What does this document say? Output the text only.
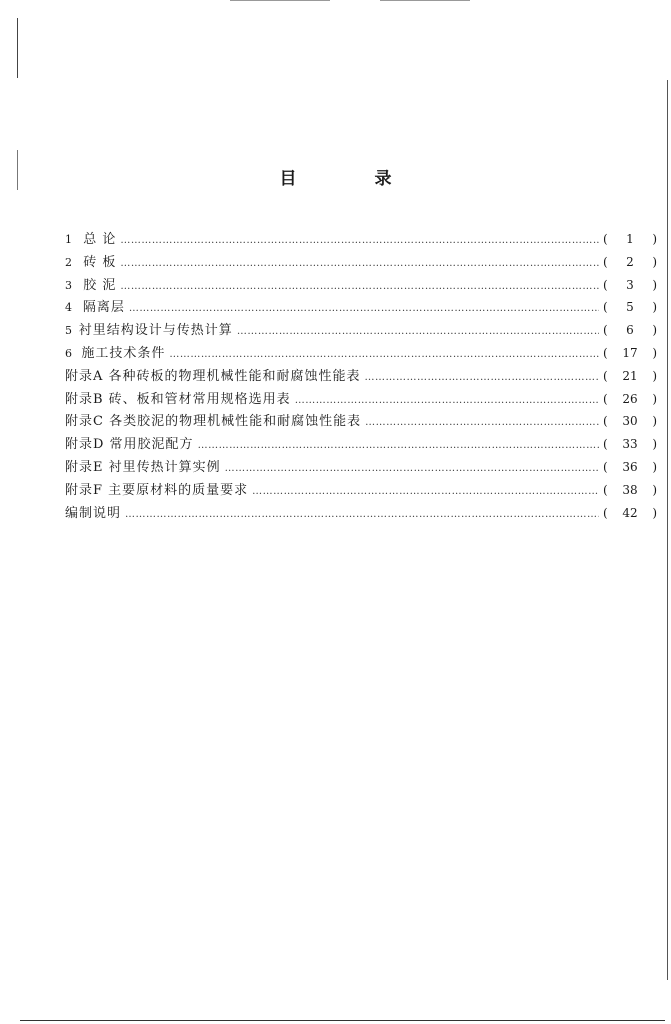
目 录
1 总 论 …………………………………………………………………………………………………………………………………………………	(	1	)
2 砖 板 …………………………………………………………………………………………………………………………………………………	(	2	)
3 胶 泥 …………………………………………………………………………………………………………………………………………………	(	3	)
4 隔离层 …………………………………………………………………………………………………………………………………………………	(	5	)
5 衬里结构设计与传热计算 …………………………………………………………………………………………………………………………………………………	(	6	)
6 施工技术条件 …………………………………………………………………………………………………………………………………………………	(	17	)
附录A 各种砖板的物理机械性能和耐腐蚀性能表 …………………………………………………………………………………………………………………………………………………	(	21	)
附录B 砖、板和管材常用规格选用表 …………………………………………………………………………………………………………………………………………………	(	26	)
附录C 各类胶泥的物理机械性能和耐腐蚀性能表 …………………………………………………………………………………………………………………………………………………	(	30	)
附录D 常用胶泥配方 …………………………………………………………………………………………………………………………………………………	(	33	)
附录E 衬里传热计算实例 …………………………………………………………………………………………………………………………………………………	(	36	)
附录F 主要原材料的质量要求 …………………………………………………………………………………………………………………………………………………	(	38	)
编制说明 …………………………………………………………………………………………………………………………………………………	(	42	)
